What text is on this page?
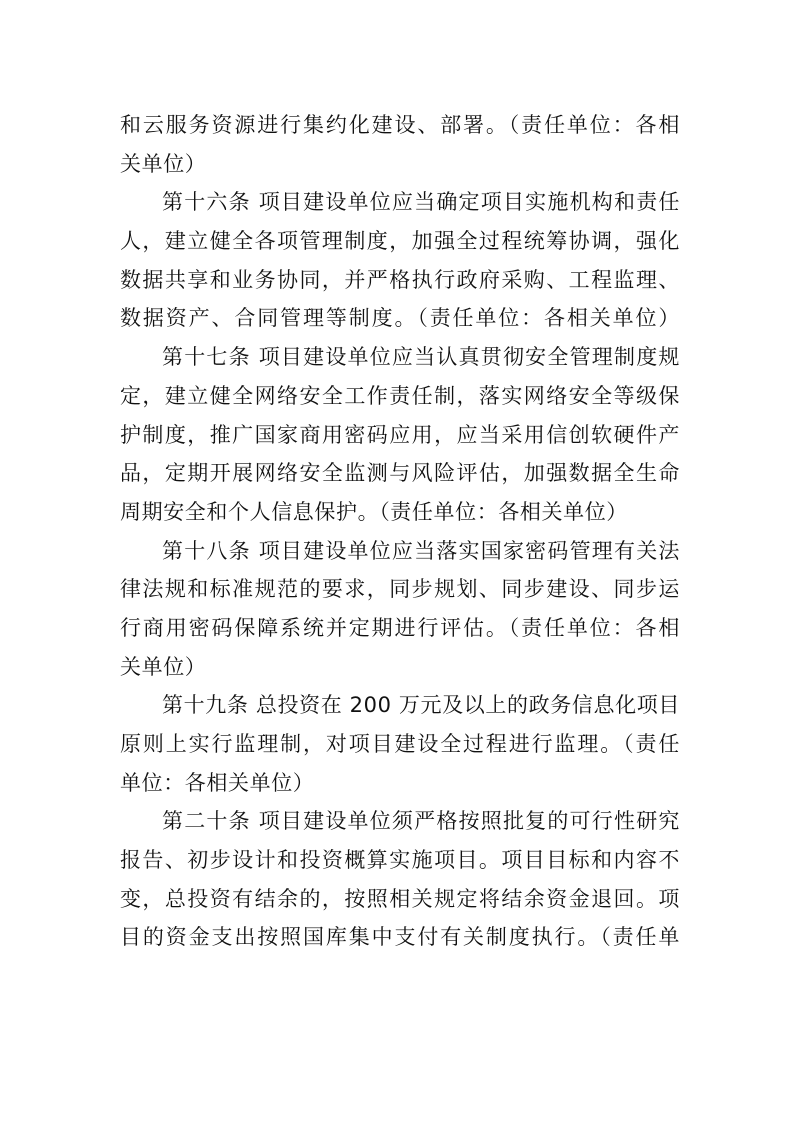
和云服务资源进行集约化建设、部署。（责任单位：各相
关单位）
第十六条 项目建设单位应当确定项目实施机构和责任
人，建立健全各项管理制度，加强全过程统筹协调，强化
数据共享和业务协同，并严格执行政府采购、工程监理、
数据资产、合同管理等制度。（责任单位：各相关单位）
第十七条 项目建设单位应当认真贯彻安全管理制度规
定，建立健全网络安全工作责任制，落实网络安全等级保
护制度，推广国家商用密码应用，应当采用信创软硬件产
品，定期开展网络安全监测与风险评估，加强数据全生命
周期安全和个人信息保护。（责任单位：各相关单位）
第十八条 项目建设单位应当落实国家密码管理有关法
律法规和标准规范的要求，同步规划、同步建设、同步运
行商用密码保障系统并定期进行评估。（责任单位：各相
关单位）
第十九条 总投资在 200 万元及以上的政务信息化项目
原则上实行监理制，对项目建设全过程进行监理。（责任
单位：各相关单位）
第二十条 项目建设单位须严格按照批复的可行性研究
报告、初步设计和投资概算实施项目。项目目标和内容不
变，总投资有结余的，按照相关规定将结余资金退回。项
目的资金支出按照国库集中支付有关制度执行。（责任单
